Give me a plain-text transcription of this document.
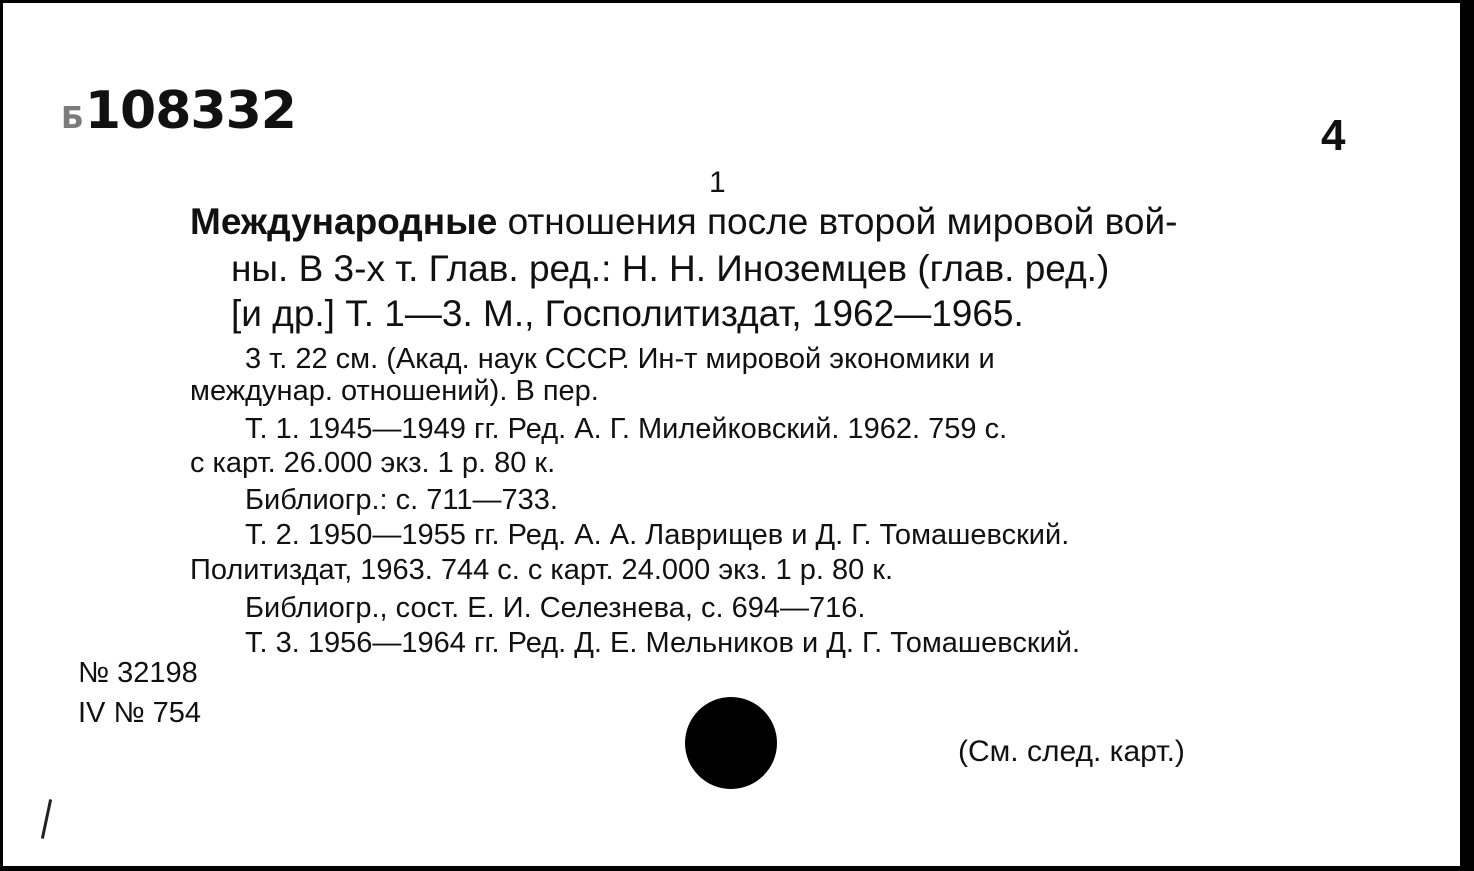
Б108332	4
1
Международные отношения после второй мировой вой-
ны. В 3-х т. Глав. ред.: Н. Н. Иноземцев (глав. ред.)
[и др.] Т. 1—3. М., Госполитиздат, 1962—1965.
3 т. 22 см. (Акад. наук СССР. Ин-т мировой экономики и
междунар. отношений). В пер.
Т. 1. 1945—1949 гг. Ред. А. Г. Милейковский. 1962. 759 с.
с карт. 26.000 экз. 1 р. 80 к.
Библиогр.: с. 711—733.
Т. 2. 1950—1955 гг. Ред. А. А. Лаврищев и Д. Г. Томашевский.
Политиздат, 1963. 744 с. с карт. 24.000 экз. 1 р. 80 к.
Библиогр., сост. Е. И. Селезнева, с. 694—716.
Т. 3. 1956—1964 гг. Ред. Д. Е. Мельников и Д. Г. Томашевский.
№ 32198
IV № 754
(См. след. карт.)
